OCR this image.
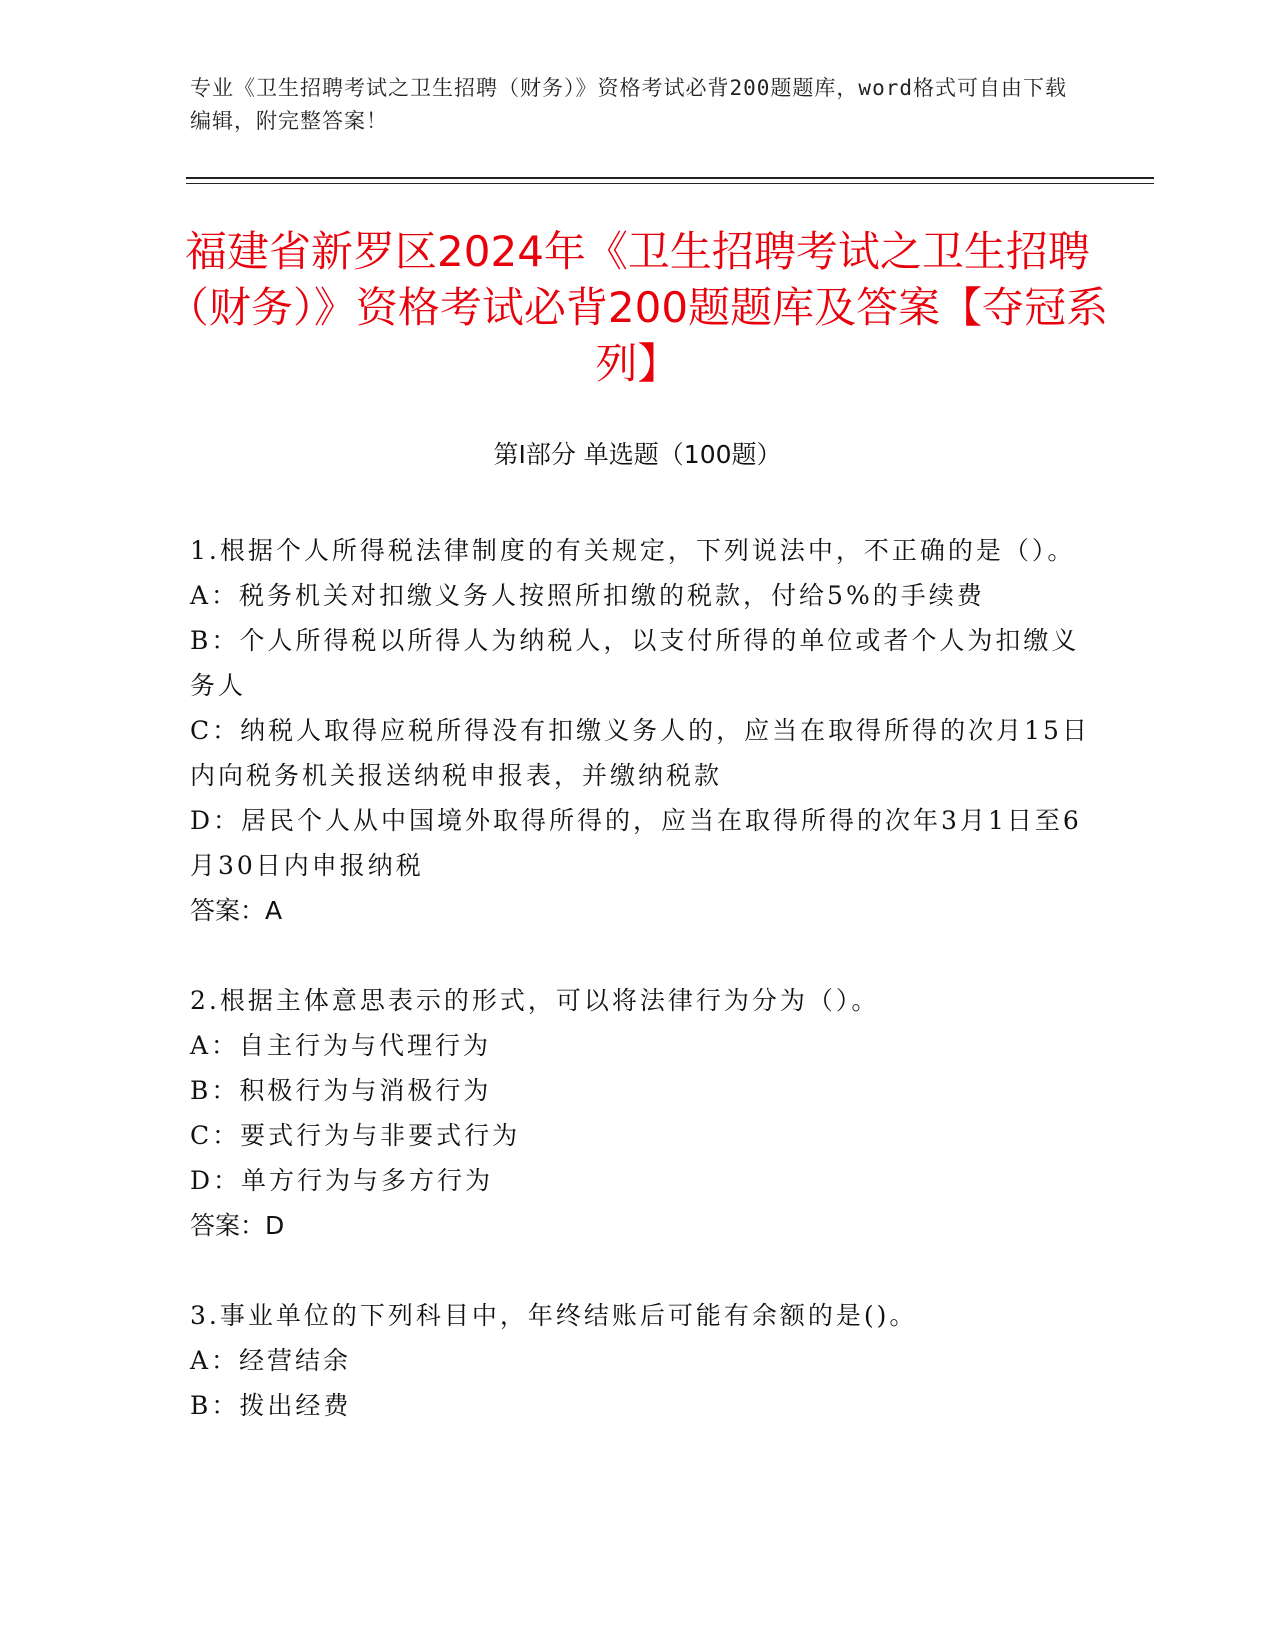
专业《卫生招聘考试之卫生招聘（财务）》资格考试必背200题题库，word格式可自由下载编辑，附完整答案！
福建省新罗区2024年《卫生招聘考试之卫生招聘（财务）》资格考试必背200题题库及答案【夺冠系列】
第I部分 单选题（100题）

1.根据个人所得税法律制度的有关规定，下列说法中，不正确的是（）。

A：税务机关对扣缴义务人按照所扣缴的税款，付给5%的手续费

B：个人所得税以所得人为纳税人，以支付所得的单位或者个人为扣缴义务人

C：纳税人取得应税所得没有扣缴义务人的，应当在取得所得的次月15日内向税务机关报送纳税申报表，并缴纳税款

D：居民个人从中国境外取得所得的，应当在取得所得的次年3月1日至6月30日内申报纳税

答案：A

2.根据主体意思表示的形式，可以将法律行为分为（）。

A：自主行为与代理行为

B：积极行为与消极行为

C：要式行为与非要式行为

D：单方行为与多方行为

答案：D

3.事业单位的下列科目中，年终结账后可能有余额的是()。

A：经营结余

B：拨出经费
